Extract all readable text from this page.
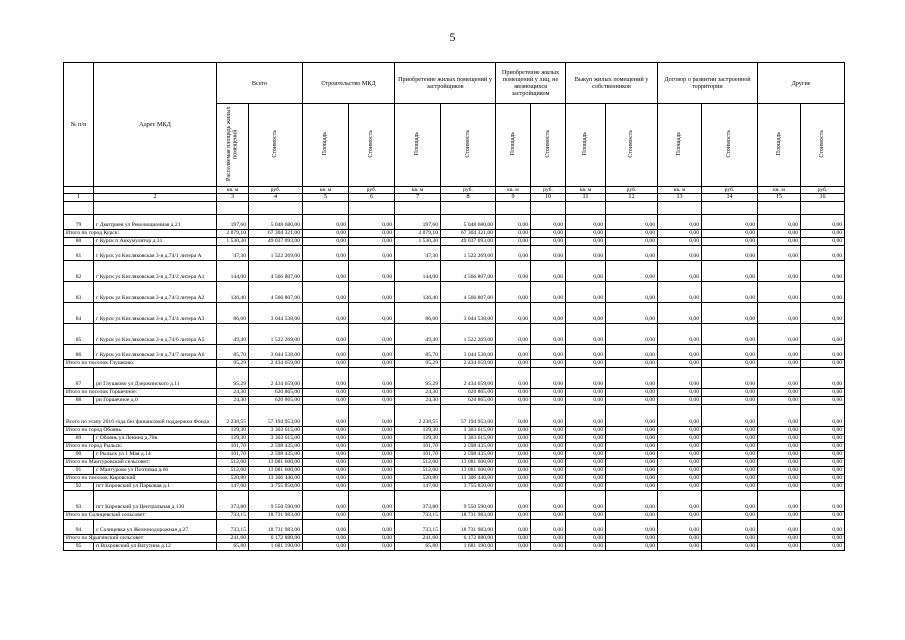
5
№ п/п	Адрес МКД	Всего		Строительство МКД		Приобретение жилых помещений у застройщиков		Приобретение жилых помещений у лиц, не являющихся застройщиком		Выкуп жилых помещений у собственников		Договор о развитии застроенной территории		Другие	
		Расселяемая площадь жилых помещений	Стоимость	Площадь	Стоимость	Площадь	Стоимость	Площадь	Стоимость	Площадь	Стоимость	Площадь	Стоимость	Площадь	Стоимость
		кв. м	руб.	кв. м	руб.	кв. м	руб.	кв. м	руб.	кв. м	руб.	кв. м	руб.	кв. м	руб.
1	2	3	4	5	6	7	8	9	10	11	12	13	14	15	16

79	г Дмитриев ул Революционная д.21	197,60	5 048 680,00	0,00	0,00	197,60	5 048 680,00	0,00	0,00	0,00	0,00	0,00	0,00	0,00	0,00
Итого по город Курск:		2 079,10	67 304 321,00	0,00	0,00	2 079,10	67 304 321,00	0,00	0,00	0,00	0,00	0,00	0,00	0,00	0,00
80	г Курск п Аккумулятор д.31	1 530,30	49 037 093,00	0,00	0,00	1 530,30	49 037 093,00	0,00	0,00	0,00	0,00	0,00	0,00	0,00	0,00
81	г Курск ул Кисляковская 3-я д.74/1 литера А	47,30	1 522 269,00	0,00	0,00	47,30	1 522 269,00	0,00	0,00	0,00	0,00	0,00	0,00	0,00	0,00
82	г Курск ул Кисляковская 3-я д.74/2 литера А1	144,00	4 566 807,00	0,00	0,00	144,00	4 566 807,00	0,00	0,00	0,00	0,00	0,00	0,00	0,00	0,00
83	г Курск ул Кисляковская 3-я д.74/3 литера А2	136,40	4 566 807,00	0,00	0,00	136,40	4 566 807,00	0,00	0,00	0,00	0,00	0,00	0,00	0,00	0,00
84	г Курск ул Кисляковская 3-я д.74/4 литера А3	86,00	3 044 538,00	0,00	0,00	86,00	3 044 538,00	0,00	0,00	0,00	0,00	0,00	0,00	0,00	0,00
85	г Курск ул Кисляковская 3-я д.74/6 литера А5	49,40	1 522 269,00	0,00	0,00	49,40	1 522 269,00	0,00	0,00	0,00	0,00	0,00	0,00	0,00	0,00
86	г Курск ул Кисляковская 3-я д.74/7 литера А6	85,70	3 044 538,00	0,00	0,00	85,70	3 044 538,00	0,00	0,00	0,00	0,00	0,00	0,00	0,00	0,00
Итого по поселок Глушково:		95,29	2 434 659,00	0,00	0,00	95,29	2 434 659,00	0,00	0,00	0,00	0,00	0,00	0,00	0,00	0,00
87	рп Глушково ул Дзержинского д.11	95,29	2 434 659,00	0,00	0,00	95,29	2 434 659,00	0,00	0,00	0,00	0,00	0,00	0,00	0,00	0,00
Итого по поселок Горшечное:		24,30	620 865,00	0,00	0,00	24,30	620 865,00	0,00	0,00	0,00	0,00	0,00	0,00	0,00	0,00
88	рп Горшечное д.0	24,30	620 865,00	0,00	0,00	24,30	620 865,00	0,00	0,00	0,00	0,00	0,00	0,00	0,00	0,00
Всего по этапу 2016 года без финансовой поддержки Фонда		2 238,55	57 194 953,00	0,00	0,00	2 238,55	57 194 953,00	0,00	0,00	0,00	0,00	0,00	0,00	0,00	0,00
Итого по город Обоянь:		129,30	3 303 615,00	0,00	0,00	129,30	3 303 615,00	0,00	0,00	0,00	0,00	0,00	0,00	0,00	0,00
89	г Обоянь ул Ленина д.70в	129,30	3 303 615,00	0,00	0,00	129,30	3 303 615,00	0,00	0,00	0,00	0,00	0,00	0,00	0,00	0,00
Итого по город Рыльск:		101,70	2 598 435,00	0,00	0,00	101,70	2 598 435,00	0,00	0,00	0,00	0,00	0,00	0,00	0,00	0,00
90	г Рыльск ул 1 Мая д.14	101,70	2 598 435,00	0,00	0,00	101,70	2 598 435,00	0,00	0,00	0,00	0,00	0,00	0,00	0,00	0,00
Итого по Мантуровский сельсовет:		512,00	13 081 600,00	0,00	0,00	512,00	13 081 600,00	0,00	0,00	0,00	0,00	0,00	0,00	0,00	0,00
91	с Мантурово ул Почтовая д.66	512,00	13 081 600,00	0,00	0,00	512,00	13 081 600,00	0,00	0,00	0,00	0,00	0,00	0,00	0,00	0,00
Итого по поселок Кировский		520,80	13 306 440,00	0,00	0,00	520,80	13 306 440,00	0,00	0,00	0,00	0,00	0,00	0,00	0,00	0,00
92	пгт Кировский ул Парковая д.1	147,00	3 755 850,00	0,00	0,00	147,00	3 755 850,00	0,00	0,00	0,00	0,00	0,00	0,00	0,00	0,00
93	пгт Кировский ул Центральная д.130	373,80	9 550 590,00	0,00	0,00	373,80	9 550 590,00	0,00	0,00	0,00	0,00	0,00	0,00	0,00	0,00
Итого по Солнцевский сельсовет:		733,15	18 731 983,00	0,00	0,00	733,15	18 731 983,00	0,00	0,00	0,00	0,00	0,00	0,00	0,00	0,00
94	с Солнцевка ул Железнодорожная д.27	733,15	18 731 983,00	0,00	0,00	733,15	18 731 983,00	0,00	0,00	0,00	0,00	0,00	0,00	0,00	0,00
Итого по Ярыгинский сельсовет:		241,60	6 172 880,00	0,00	0,00	241,60	6 172 880,00	0,00	0,00	0,00	0,00	0,00	0,00	0,00	0,00
95	п Вихровский ул Ватутина д.12	65,80	1 681 190,00	0,00	0,00	65,80	1 681 190,00	0,00	0,00	0,00	0,00	0,00	0,00	0,00	0,00
